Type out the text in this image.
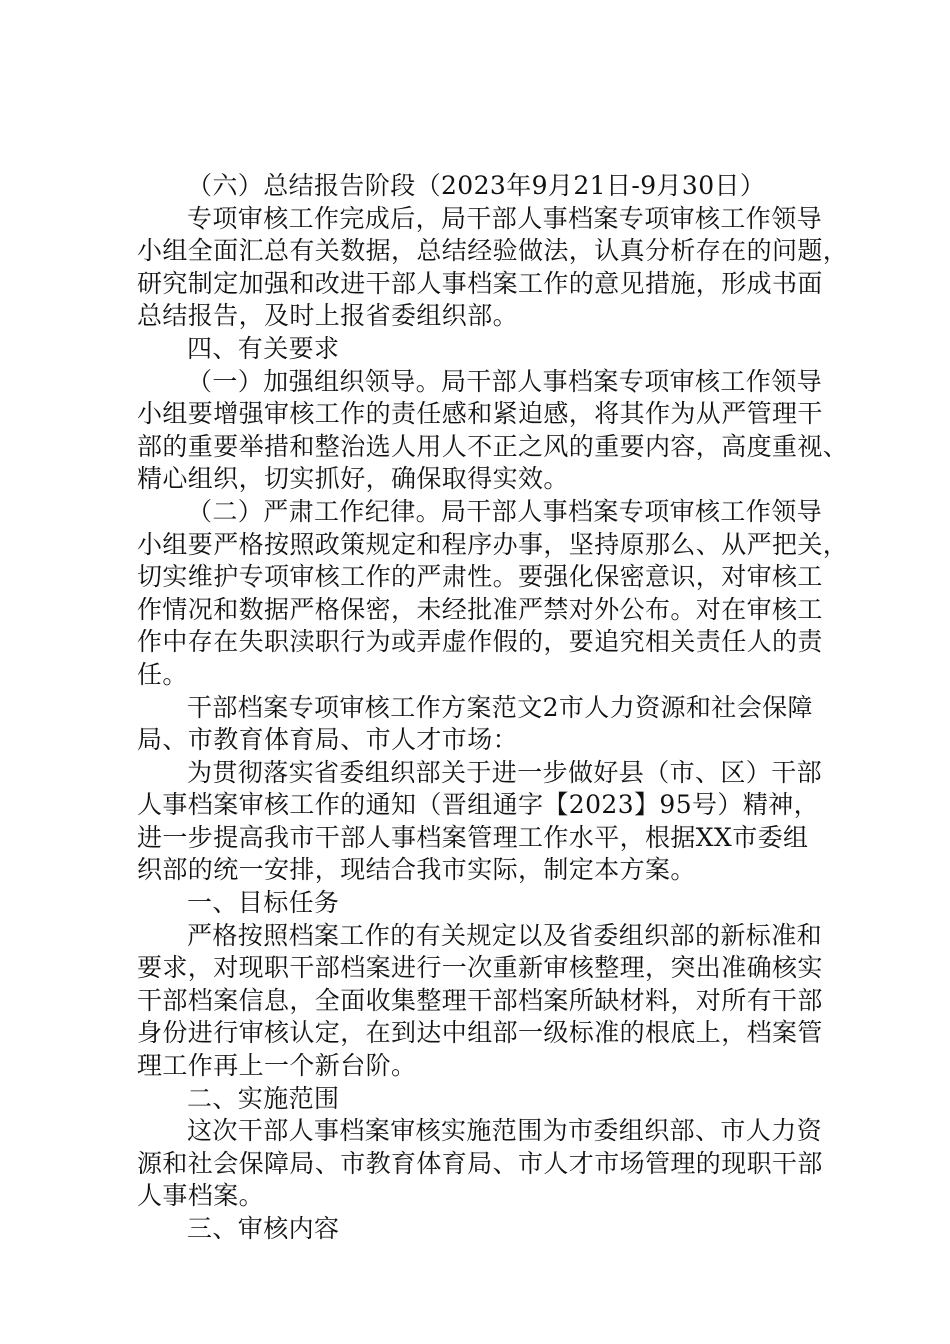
（六）总结报告阶段（2023年9月21日-9月30日）
专项审核工作完成后，局干部人事档案专项审核工作领导
小组全面汇总有关数据，总结经验做法，认真分析存在的问题，
研究制定加强和改进干部人事档案工作的意见措施，形成书面
总结报告，及时上报省委组织部。
四、有关要求
（一）加强组织领导。局干部人事档案专项审核工作领导
小组要增强审核工作的责任感和紧迫感，将其作为从严管理干
部的重要举措和整治选人用人不正之风的重要内容，高度重视、
精心组织，切实抓好，确保取得实效。
（二）严肃工作纪律。局干部人事档案专项审核工作领导
小组要严格按照政策规定和程序办事，坚持原那么、从严把关，
切实维护专项审核工作的严肃性。要强化保密意识，对审核工
作情况和数据严格保密，未经批准严禁对外公布。对在审核工
作中存在失职渎职行为或弄虚作假的，要追究相关责任人的责
任。
干部档案专项审核工作方案范文2市人力资源和社会保障
局、市教育体育局、市人才市场：
为贯彻落实省委组织部关于进一步做好县（市、区）干部
人事档案审核工作的通知（晋组通字【2023】95号）精神，
进一步提高我市干部人事档案管理工作水平，根据XX市委组
织部的统一安排，现结合我市实际，制定本方案。
一、目标任务
严格按照档案工作的有关规定以及省委组织部的新标准和
要求，对现职干部档案进行一次重新审核整理，突出准确核实
干部档案信息，全面收集整理干部档案所缺材料，对所有干部
身份进行审核认定，在到达中组部一级标准的根底上，档案管
理工作再上一个新台阶。
二、实施范围
这次干部人事档案审核实施范围为市委组织部、市人力资
源和社会保障局、市教育体育局、市人才市场管理的现职干部
人事档案。
三、审核内容
